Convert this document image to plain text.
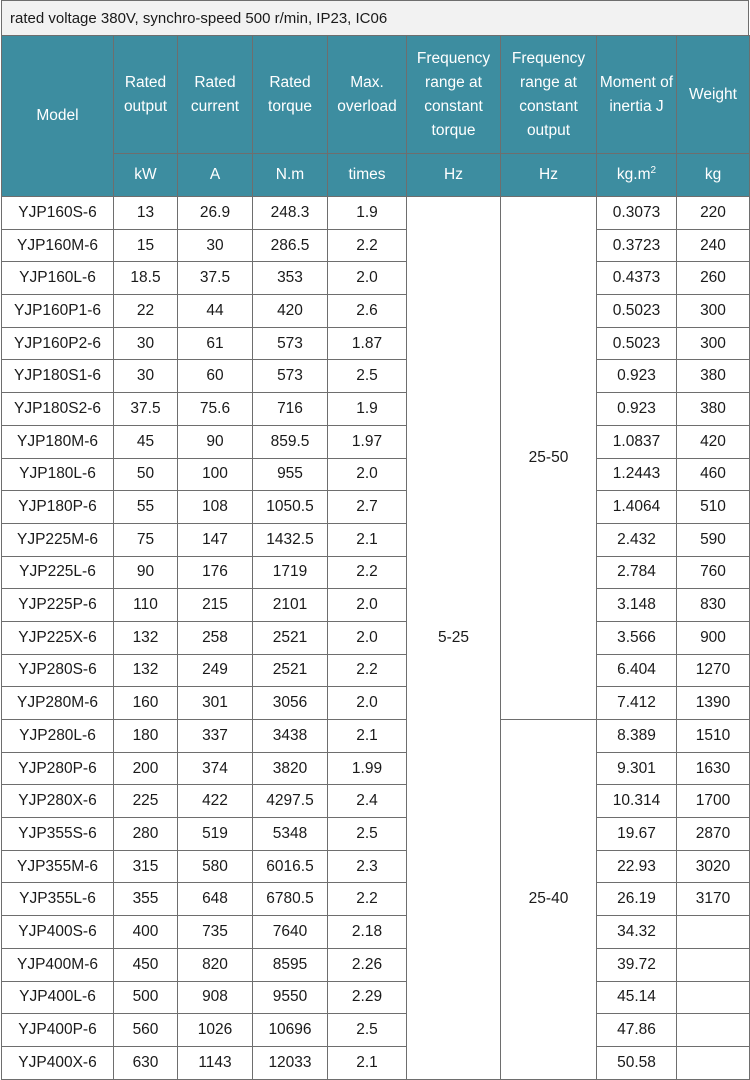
rated voltage 380V, synchro-speed 500 r/min, IP23, IC06
Model	Rated output	Rated current	Rated torque	Max. overload	Frequency range at constant torque	Frequency range at constant output	Moment of inertia J	Weight
	kW	A	N.m	times	Hz	Hz	$kg.m^2$	kg
YJP160S-6	13	26.9	248.3	1.9	5-25	25-50	0.3073	220
YJP160M-6	15	30	286.5	2.2			0.3723	240
YJP160L-6	18.5	37.5	353	2.0			0.4373	260
YJP160P1-6	22	44	420	2.6			0.5023	300
YJP160P2-6	30	61	573	1.87			0.5023	300
YJP180S1-6	30	60	573	2.5			0.923	380
YJP180S2-6	37.5	75.6	716	1.9			0.923	380
YJP180M-6	45	90	859.5	1.97			1.0837	420
YJP180L-6	50	100	955	2.0			1.2443	460
YJP180P-6	55	108	1050.5	2.7			1.4064	510
YJP225M-6	75	147	1432.5	2.1			2.432	590
YJP225L-6	90	176	1719	2.2			2.784	760
YJP225P-6	110	215	2101	2.0			3.148	830
YJP225X-6	132	258	2521	2.0			3.566	900
YJP280S-6	132	249	2521	2.2			6.404	1270
YJP280M-6	160	301	3056	2.0			7.412	1390
YJP280L-6	180	337	3438	2.1		25-40	8.389	1510
YJP280P-6	200	374	3820	1.99			9.301	1630
YJP280X-6	225	422	4297.5	2.4			10.314	1700
YJP355S-6	280	519	5348	2.5			19.67	2870
YJP355M-6	315	580	6016.5	2.3			22.93	3020
YJP355L-6	355	648	6780.5	2.2			26.19	3170
YJP400S-6	400	735	7640	2.18			34.32	
YJP400M-6	450	820	8595	2.26			39.72	
YJP400L-6	500	908	9550	2.29			45.14	
YJP400P-6	560	1026	10696	2.5			47.86	
YJP400X-6	630	1143	12033	2.1			50.58	
